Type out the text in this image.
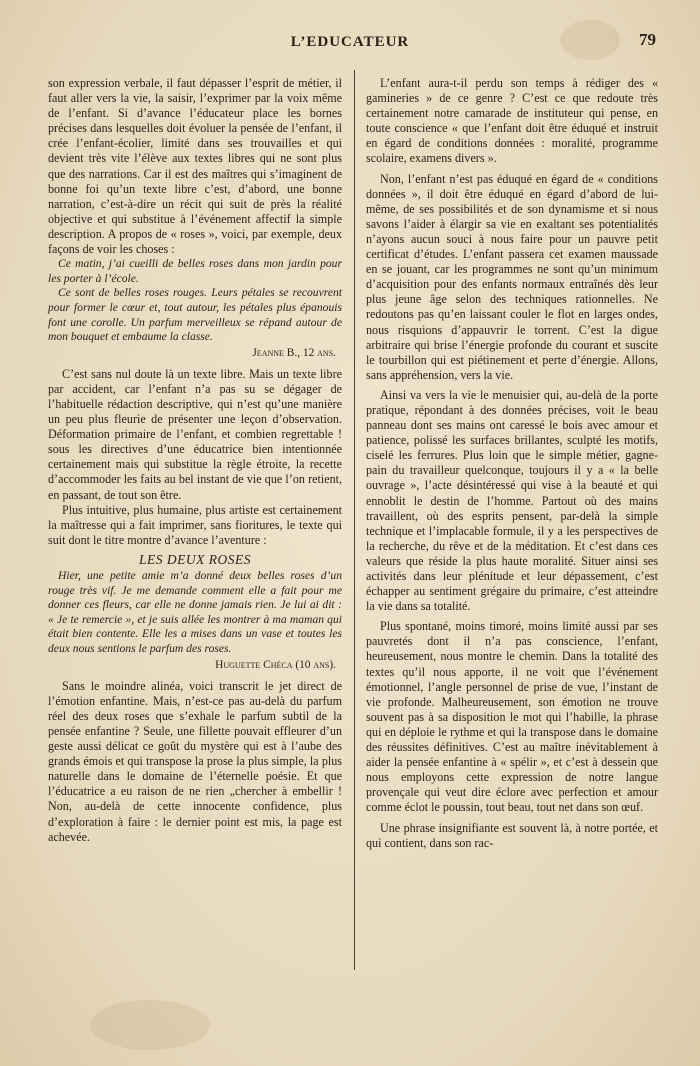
L’EDUCATEUR	79

son expression verbale, il faut dépasser l’esprit de métier, il faut aller vers la vie, la saisir, l’exprimer par la voix même de l’enfant. Si d’avance l’éducateur place les bornes précises dans lesquelles doit évoluer la pensée de l’enfant, il crée l’enfant-écolier, limité dans ses trouvailles et qui devient très vite l’élève aux textes libres qui ne sont plus que des narrations. Car il est des maîtres qui s’imaginent de bonne foi qu’un texte libre c’est, d’abord, une bonne narration, c’est-à-dire un récit qui suit de près la réalité objective et qui substitue à l’événement affectif la simple description. A propos de « roses », voici, par exemple, deux façons de voir les choses :

Ce matin, j’ai cueilli de belles roses dans mon jardin pour les porter à l’école.

Ce sont de belles roses rouges. Leurs pétales se recouvrent pour former le cœur et, tout autour, les pétales plus épanouis font une corolle. Un parfum merveilleux se répand autour de mon bouquet et embaume la classe.

Jeanne B., 12 ans.

C’est sans nul doute là un texte libre. Mais un texte libre par accident, car l’enfant n’a pas su se dégager de l’habituelle rédaction descriptive, qui n’est qu’une manière un peu plus fleurie de présenter une leçon d’observation. Déformation primaire de l’enfant, et combien regrettable ! sous les directives d’une éducatrice bien intentionnée certainement mais qui substitue la règle étroite, la recette d’accommoder les faits au bel instant de vie que l’on retient, en passant, de tout son être.

Plus intuitive, plus humaine, plus artiste est certainement la maîtresse qui a fait imprimer, sans fioritures, le texte qui suit dont le titre montre d’avance l’aventure :

LES DEUX ROSES

Hier, une petite amie m’a donné deux belles roses d’un rouge très vif. Je me demande comment elle a fait pour me donner ces fleurs, car elle ne donne jamais rien. Je lui ai dit : « Je te remercie », et je suis allée les montrer à ma maman qui était bien contente. Elle les a mises dans un vase et toutes les deux nous sentions le parfum des roses.

Huguette Chéca (10 ans).

Sans le moindre alinéa, voici transcrit le jet direct de l’émotion enfantine. Mais, n’est-ce pas au-delà du parfum réel des deux roses que s’exhale le parfum subtil de la pensée enfantine ? Seule, une fillette pouvait effleurer d’un geste aussi délicat ce goût du mystère qui est à l’aube des grands émois et qui transpose la prose la plus simple, la plus naturelle dans le domaine de l’éternelle poésie. Et que l’éducatrice a eu raison de ne rien „chercher à embellir ! Non, au-delà de cette innocente confidence, plus d’exploration à faire : le dernier point est mis, la page est achevée.

L’enfant aura-t-il perdu son temps à rédiger des « gamineries » de ce genre ? C’est ce que redoute très certainement notre camarade de instituteur qui pense, en toute conscience « que l’enfant doit être éduqué et instruit en égard de conditions données : moralité, programme scolaire, examens divers ».

Non, l’enfant n’est pas éduqué en égard de « conditions données », il doit être éduqué en égard d’abord de lui-même, de ses possibilités et de son dynamisme et si nous savons l’aider à élargir sa vie en exaltant ses potentialités n’ayons aucun souci à nous faire pour un pauvre petit certificat d’études. L’enfant passera cet examen maussade en se jouant, car les programmes ne sont qu’un minimum d’acquisition pour des enfants normaux entraînés dès leur plus jeune âge selon des techniques rationnelles. Ne redoutons pas qu’en laissant couler le flot en larges ondes, nous risquions d’appauvrir le torrent. C’est la digue arbitraire qui brise l’énergie profonde du courant et suscite le tourbillon qui est piétinement et perte d’énergie. Allons, sans appréhension, vers la vie.

Ainsi va vers la vie le menuisier qui, au-delà de la porte pratique, répondant à des données précises, voit le beau panneau dont ses mains ont caressé le bois avec amour et patience, polissé les surfaces brillantes, sculpté les motifs, ciselé les ferrures. Plus loin que le simple métier, gagne-pain du travailleur quelconque, toujours il y a « la belle ouvrage », l’acte désintéressé qui vise à la beauté et qui ennoblit le destin de l’homme. Partout où des mains travaillent, où des esprits pensent, par-delà la simple technique et l’implacable formule, il y a les perspectives de la recherche, du rêve et de la méditation. Et c’est dans ces valeurs que réside la plus haute moralité. Situer ainsi ses activités dans leur plénitude et leur dépassement, c’est échapper au sentiment grégaire du primaire, c’est atteindre la vie dans sa totalité.

Plus spontané, moins timoré, moins limité aussi par ses pauvretés dont il n’a pas conscience, l’enfant, heureusement, nous montre le chemin. Dans la totalité des textes qu’il nous apporte, il ne voit que l’événement émotionnel, l’angle personnel de prise de vue, l’instant de vie profonde. Malheureusement, son émotion ne trouve souvent pas à sa disposition le mot qui l’habille, la phrase qui en déploie le rythme et qui la transpose dans le domaine des réussites définitives. C’est au maître inévitablement à aider la pensée enfantine à « spélir », et c’est à dessein que nous employons cette expression de notre langue provençale qui veut dire éclore avec perfection et amour comme éclot le poussin, tout beau, tout net dans son œuf.

Une phrase insignifiante est souvent là, à notre portée, et qui contient, dans son rac-
